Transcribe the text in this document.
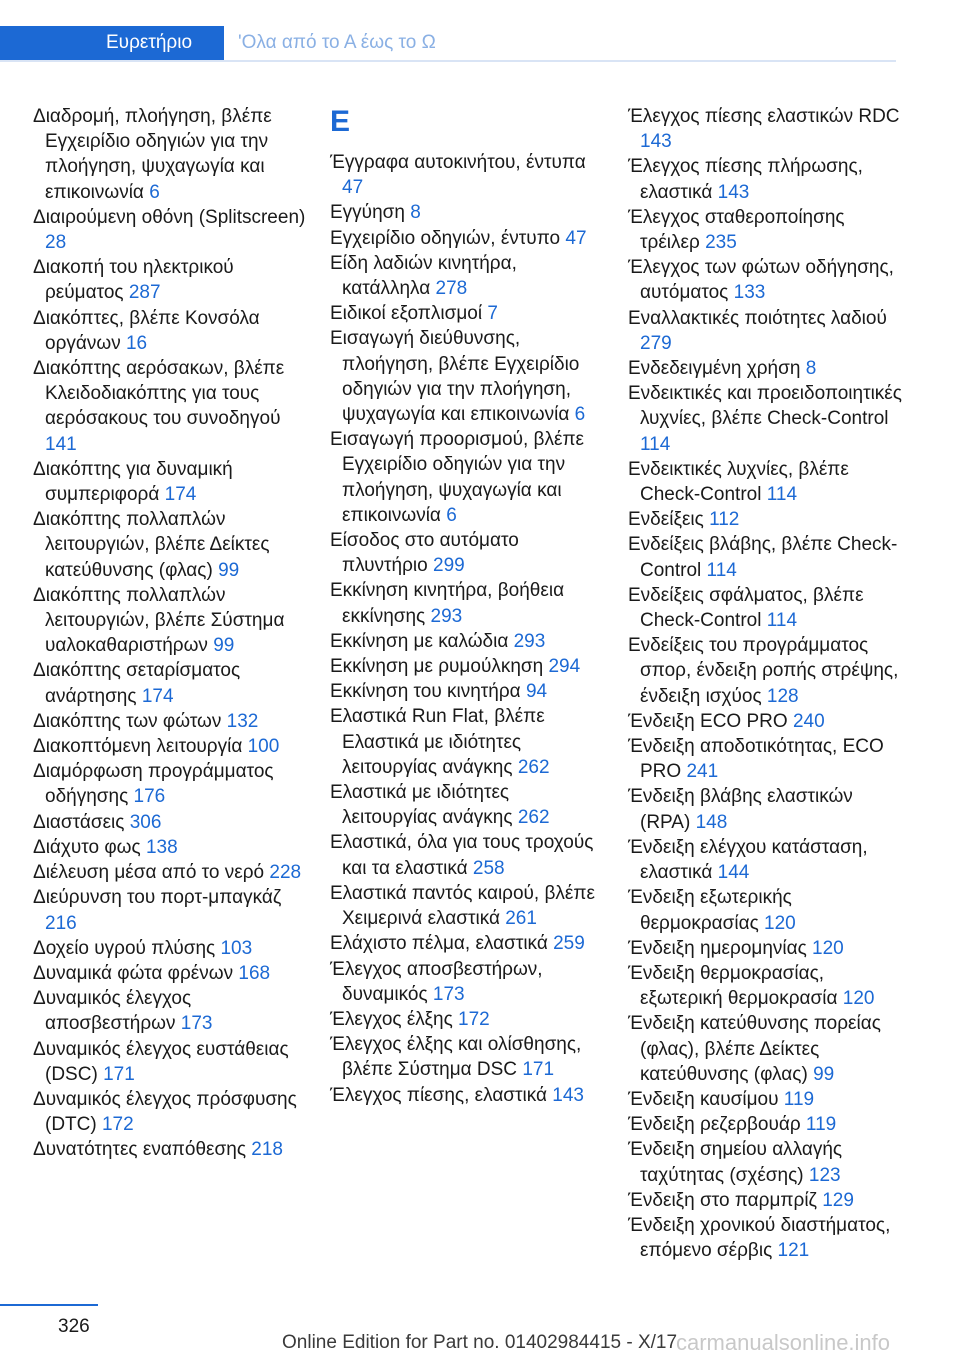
Ευρετήριο	'Ολα από το Α έως το Ω
Διαδρομή, πλοήγηση, βλέπε Εγχειρίδιο οδηγιών για την πλοήγηση, ψυχαγωγία και επικοινωνία 6
Διαιρούμενη οθόνη (Splitscreen) 28
Διακοπή του ηλεκτρικού ρεύματος 287
Διακόπτες, βλέπε Κονσόλα οργάνων 16
Διακόπτης αερόσακων, βλέπε Κλειδοδιακόπτης για τους αερόσακους του συνοδηγού 141
Διακόπτης για δυναμική συμπεριφορά 174
Διακόπτης πολλαπλών λειτουργιών, βλέπε Δείκτες κατεύθυνσης (φλας) 99
Διακόπτης πολλαπλών λειτουργιών, βλέπε Σύστημα υαλοκαθαριστήρων 99
Διακόπτης σεταρίσματος ανάρτησης 174
Διακόπτης των φώτων 132
Διακοπτόμενη λειτουργία 100
Διαμόρφωση προγράμματος οδήγησης 176
Διαστάσεις 306
Διάχυτο φως 138
Διέλευση μέσα από το νερό 228
Διεύρυνση του πορτ-μπαγκάζ 216
Δοχείο υγρού πλύσης 103
Δυναμικά φώτα φρένων 168
Δυναμικός έλεγχος αποσβεστήρων 173
Δυναμικός έλεγχος ευστάθειας (DSC) 171
Δυναμικός έλεγχος πρόσφυσης (DTC) 172
Δυνατότητες εναπόθεσης 218
E
Έγγραφα αυτοκινήτου, έντυπα 47
Εγγύηση 8
Εγχειρίδιο οδηγιών, έντυπο 47
Είδη λαδιών κινητήρα, κατάλληλα 278
Ειδικοί εξοπλισμοί 7
Εισαγωγή διεύθυνσης, πλοήγηση, βλέπε Εγχειρίδιο οδηγιών για την πλοήγηση, ψυχαγωγία και επικοινωνία 6
Εισαγωγή προορισμού, βλέπε Εγχειρίδιο οδηγιών για την πλοήγηση, ψυχαγωγία και επικοινωνία 6
Είσοδος στο αυτόματο πλυντήριο 299
Εκκίνηση κινητήρα, βοήθεια εκκίνησης 293
Εκκίνηση με καλώδια 293
Εκκίνηση με ρυμούλκηση 294
Εκκίνηση του κινητήρα 94
Ελαστικά Run Flat, βλέπε Ελαστικά με ιδιότητες λειτουργίας ανάγκης 262
Ελαστικά με ιδιότητες λειτουργίας ανάγκης 262
Ελαστικά, όλα για τους τροχούς και τα ελαστικά 258
Ελαστικά παντός καιρού, βλέπε Χειμερινά ελαστικά 261
Ελάχιστο πέλμα, ελαστικά 259
Έλεγχος αποσβεστήρων, δυναμικός 173
Έλεγχος έλξης 172
Έλεγχος έλξης και ολίσθησης, βλέπε Σύστημα DSC 171
Έλεγχος πίεσης, ελαστικά 143
Έλεγχος πίεσης ελαστικών RDC 143
Έλεγχος πίεσης πλήρωσης, ελαστικά 143
Έλεγχος σταθεροποίησης τρέιλερ 235
Έλεγχος των φώτων οδήγησης, αυτόματος 133
Εναλλακτικές ποιότητες λαδιού 279
Ενδεδειγμένη χρήση 8
Ενδεικτικές και προειδοποιητικές λυχνίες, βλέπε Check-Control 114
Ενδεικτικές λυχνίες, βλέπε Check-Control 114
Ενδείξεις 112
Ενδείξεις βλάβης, βλέπε Check-Control 114
Ενδείξεις σφάλματος, βλέπε Check-Control 114
Ενδείξεις του προγράμματος σπορ, ένδειξη ροπής στρέψης, ένδειξη ισχύος 128
Ένδειξη ECO PRO 240
Ένδειξη αποδοτικότητας, ECO PRO 241
Ένδειξη βλάβης ελαστικών (RPA) 148
Ένδειξη ελέγχου κατάσταση, ελαστικά 144
Ένδειξη εξωτερικής θερμοκρασίας 120
Ένδειξη ημερομηνίας 120
Ένδειξη θερμοκρασίας, εξωτερική θερμοκρασία 120
Ένδειξη κατεύθυνσης πορείας (φλας), βλέπε Δείκτες κατεύθυνσης (φλας) 99
Ένδειξη καυσίμου 119
Ένδειξη ρεζερβουάρ 119
Ένδειξη σημείου αλλαγής ταχύτητας (σχέσης) 123
Ένδειξη στο παρμπρίζ 129
Ένδειξη χρονικού διαστήματος, επόμενο σέρβις 121
326
Online Edition for Part no. 01402984415 - X/17
carmanualsonline.info
